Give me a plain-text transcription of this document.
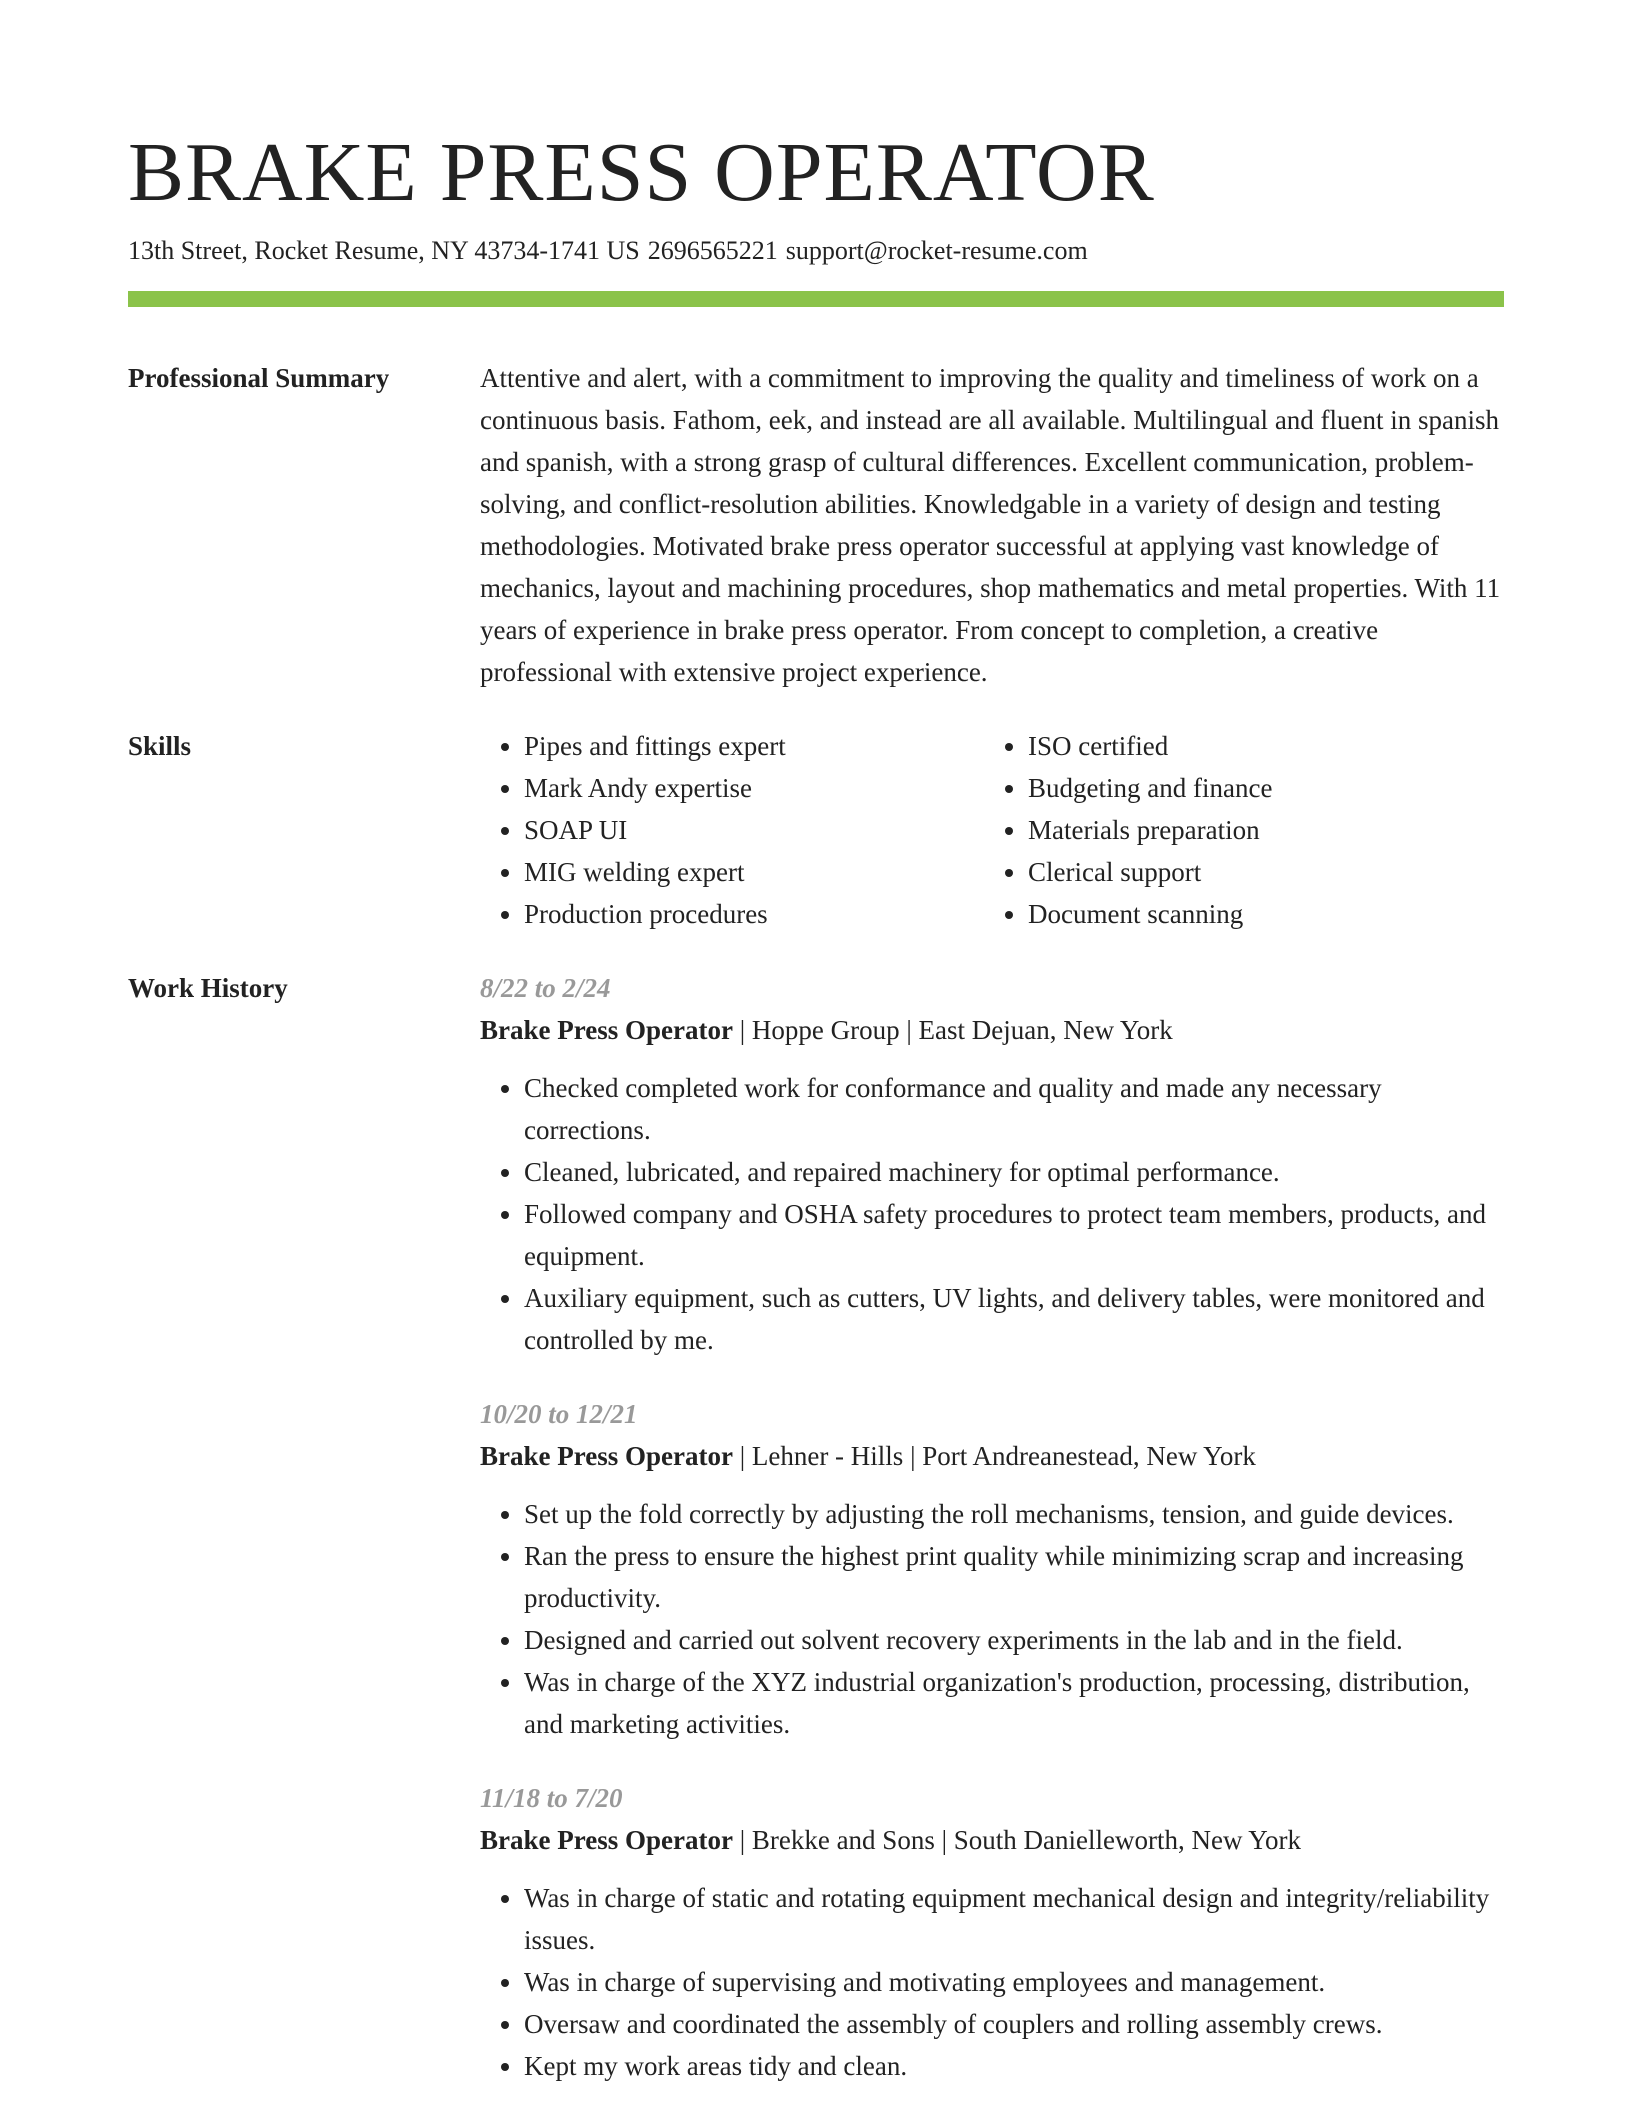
BRAKE PRESS OPERATOR
13th Street, Rocket Resume, NY 43734-1741 US 2696565221 support@rocket-resume.com
Professional Summary	Attentive and alert, with a commitment to improving the quality and timeliness of work on a continuous basis. Fathom, eek, and instead are all available. Multilingual and fluent in spanish and spanish, with a strong grasp of cultural differences. Excellent communication, problem-solving, and conflict-resolution abilities. Knowledgable in a variety of design and testing methodologies. Motivated brake press operator successful at applying vast knowledge of mechanics, layout and machining procedures, shop mathematics and metal properties. With 11 years of experience in brake press operator. From concept to completion, a creative professional with extensive project experience.
Skills
•	Pipes and fittings expert
• Mark Andy expertise
• SOAP UI
• MIG welding expert
• Production procedures
• ISO certified
• Budgeting and finance
• Materials preparation
• Clerical support
• Document scanning
Work History	8/22 to 2/24
Brake Press Operator | Hoppe Group | East Dejuan, New York
• Checked completed work for conformance and quality and made any necessary corrections.
• Cleaned, lubricated, and repaired machinery for optimal performance.
• Followed company and OSHA safety procedures to protect team members, products, and equipment.
• Auxiliary equipment, such as cutters, UV lights, and delivery tables, were monitored and controlled by me.
10/20 to 12/21
Brake Press Operator | Lehner - Hills | Port Andreanestead, New York
• Set up the fold correctly by adjusting the roll mechanisms, tension, and guide devices.
• Ran the press to ensure the highest print quality while minimizing scrap and increasing productivity.
• Designed and carried out solvent recovery experiments in the lab and in the field.
• Was in charge of the XYZ industrial organization's production, processing, distribution, and marketing activities.
11/18 to 7/20
Brake Press Operator | Brekke and Sons | South Danielleworth, New York
• Was in charge of static and rotating equipment mechanical design and integrity/reliability issues.
• Was in charge of supervising and motivating employees and management.
• Oversaw and coordinated the assembly of couplers and rolling assembly crews.
• Kept my work areas tidy and clean.
